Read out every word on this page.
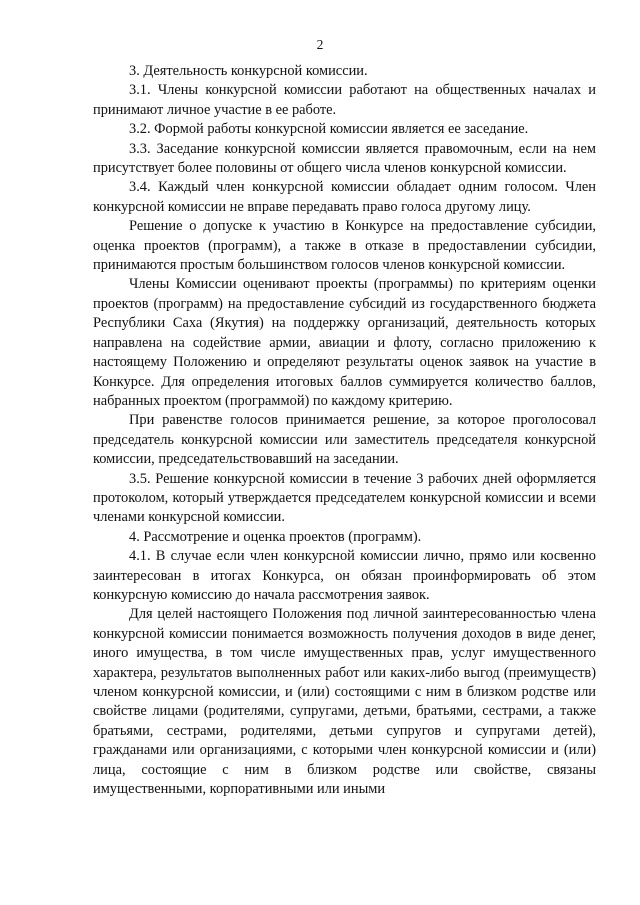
2

3. Деятельность конкурсной комиссии.

3.1. Члены конкурсной комиссии работают на общественных началах и принимают личное участие в ее работе.

3.2. Формой работы конкурсной комиссии является ее заседание.

3.3. Заседание конкурсной комиссии является правомочным, если на нем присутствует более половины от общего числа членов конкурсной комиссии.

3.4. Каждый член конкурсной комиссии обладает одним голосом. Член конкурсной комиссии не вправе передавать право голоса другому лицу.

Решение о допуске к участию в Конкурсе на предоставление субсидии, оценка проектов (программ), а также в отказе в предоставлении субсидии, принимаются простым большинством голосов членов конкурсной комиссии.

Члены Комиссии оценивают проекты (программы) по критериям оценки проектов (программ) на предоставление субсидий из государственного бюджета Республики Саха (Якутия) на поддержку организаций, деятельность которых направлена на содействие армии, авиации и флоту, согласно приложению к настоящему Положению и определяют результаты оценок заявок на участие в Конкурсе. Для определения итоговых баллов суммируется количество баллов, набранных проектом (программой) по каждому критерию.

При равенстве голосов принимается решение, за которое проголосовал председатель конкурсной комиссии или заместитель председателя конкурсной комиссии, председательствовавший на заседании.

3.5. Решение конкурсной комиссии в течение 3 рабочих дней оформляется протоколом, который утверждается председателем конкурсной комиссии и всеми членами конкурсной комиссии.

4. Рассмотрение и оценка проектов (программ).

4.1. В случае если член конкурсной комиссии лично, прямо или косвенно заинтересован в итогах Конкурса, он обязан проинформировать об этом конкурсную комиссию до начала рассмотрения заявок.

Для целей настоящего Положения под личной заинтересованностью члена конкурсной комиссии понимается возможность получения доходов в виде денег, иного имущества, в том числе имущественных прав, услуг имущественного характера, результатов выполненных работ или каких-либо выгод (преимуществ) членом конкурсной комиссии, и (или) состоящими с ним в близком родстве или свойстве лицами (родителями, супругами, детьми, братьями, сестрами, а также братьями, сестрами, родителями, детьми супругов и супругами детей), гражданами или организациями, с которыми член конкурсной комиссии и (или) лица, состоящие с ним в близком родстве или свойстве, связаны имущественными, корпоративными или иными
